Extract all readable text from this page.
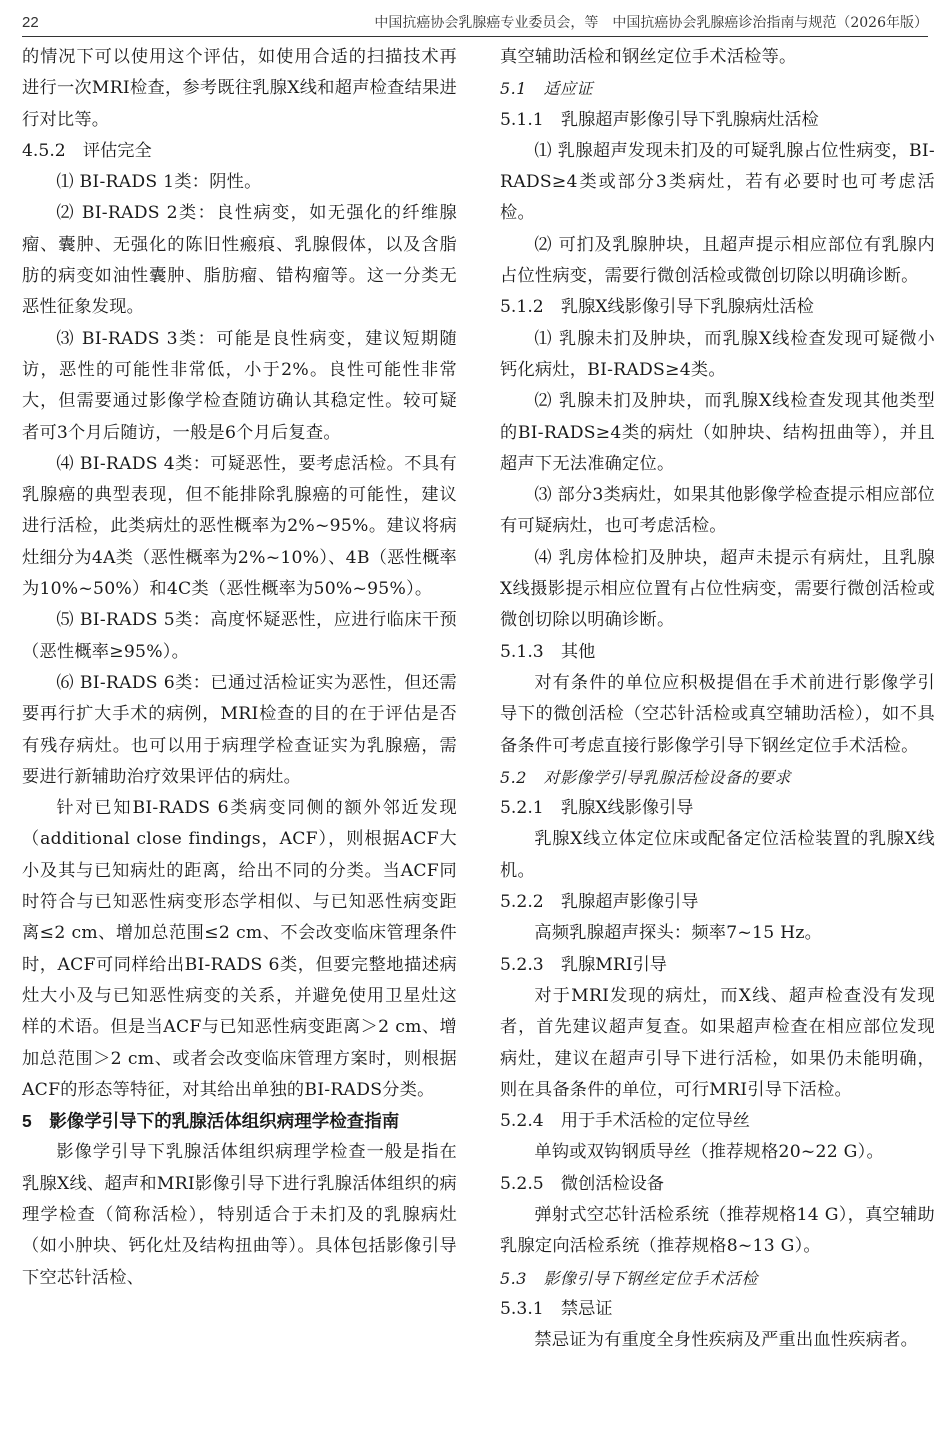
22	中国抗癌协会乳腺癌专业委员会，等　中国抗癌协会乳腺癌诊治指南与规范（2026年版）

的情况下可以使用这个评估，如使用合适的扫描技术再进行一次MRI检查，参考既往乳腺X线和超声检查结果进行对比等。

4.5.2　评估完全

⑴ BI-RADS 1类：阴性。

⑵ BI-RADS 2类：良性病变，如无强化的纤维腺瘤、囊肿、无强化的陈旧性瘢痕、乳腺假体，以及含脂肪的病变如油性囊肿、脂肪瘤、错构瘤等。这一分类无恶性征象发现。

⑶ BI-RADS 3类：可能是良性病变，建议短期随访，恶性的可能性非常低，小于2%。良性可能性非常大，但需要通过影像学检查随访确认其稳定性。较可疑者可3个月后随访，一般是6个月后复查。

⑷ BI-RADS 4类：可疑恶性，要考虑活检。不具有乳腺癌的典型表现，但不能排除乳腺癌的可能性，建议进行活检，此类病灶的恶性概率为2%~95%。建议将病灶细分为4A类（恶性概率为2%~10%）、4B（恶性概率为10%~50%）和4C类（恶性概率为50%~95%）。

⑸ BI-RADS 5类：高度怀疑恶性，应进行临床干预（恶性概率≥95%）。

⑹ BI-RADS 6类：已通过活检证实为恶性，但还需要再行扩大手术的病例，MRI检查的目的在于评估是否有残存病灶。也可以用于病理学检查证实为乳腺癌，需要进行新辅助治疗效果评估的病灶。

针对已知BI-RADS 6类病变同侧的额外邻近发现（additional close findings，ACF），则根据ACF大小及其与已知病灶的距离，给出不同的分类。当ACF同时符合与已知恶性病变形态学相似、与已知恶性病变距离≤2 cm、增加总范围≤2 cm、不会改变临床管理条件时，ACF可同样给出BI-RADS 6类，但要完整地描述病灶大小及与已知恶性病变的关系，并避免使用卫星灶这样的术语。但是当ACF与已知恶性病变距离＞2 cm、增加总范围＞2 cm、或者会改变临床管理方案时，则根据ACF的形态等特征，对其给出单独的BI-RADS分类。

5　影像学引导下的乳腺活体组织病理学检查指南

影像学引导下乳腺活体组织病理学检查一般是指在乳腺X线、超声和MRI影像引导下进行乳腺活体组织的病理学检查（简称活检），特别适合于未扪及的乳腺病灶（如小肿块、钙化灶及结构扭曲等）。具体包括影像引导下空芯针活检、

真空辅助活检和钢丝定位手术活检等。

5.1　适应证

5.1.1　乳腺超声影像引导下乳腺病灶活检

⑴ 乳腺超声发现未扪及的可疑乳腺占位性病变，BI-RADS≥4类或部分3类病灶，若有必要时也可考虑活检。

⑵ 可扪及乳腺肿块，且超声提示相应部位有乳腺内占位性病变，需要行微创活检或微创切除以明确诊断。

5.1.2　乳腺X线影像引导下乳腺病灶活检

⑴ 乳腺未扪及肿块，而乳腺X线检查发现可疑微小钙化病灶，BI-RADS≥4类。

⑵ 乳腺未扪及肿块，而乳腺X线检查发现其他类型的BI-RADS≥4类的病灶（如肿块、结构扭曲等），并且超声下无法准确定位。

⑶ 部分3类病灶，如果其他影像学检查提示相应部位有可疑病灶，也可考虑活检。

⑷ 乳房体检扪及肿块，超声未提示有病灶，且乳腺X线摄影提示相应位置有占位性病变，需要行微创活检或微创切除以明确诊断。

5.1.3　其他

对有条件的单位应积极提倡在手术前进行影像学引导下的微创活检（空芯针活检或真空辅助活检），如不具备条件可考虑直接行影像学引导下钢丝定位手术活检。

5.2　对影像学引导乳腺活检设备的要求

5.2.1　乳腺X线影像引导

乳腺X线立体定位床或配备定位活检装置的乳腺X线机。

5.2.2　乳腺超声影像引导

高频乳腺超声探头：频率7~15 Hz。

5.2.3　乳腺MRI引导

对于MRI发现的病灶，而X线、超声检查没有发现者，首先建议超声复查。如果超声检查在相应部位发现病灶，建议在超声引导下进行活检，如果仍未能明确，则在具备条件的单位，可行MRI引导下活检。

5.2.4　用于手术活检的定位导丝

单钩或双钩钢质导丝（推荐规格20~22 G）。

5.2.5　微创活检设备

弹射式空芯针活检系统（推荐规格14 G），真空辅助乳腺定向活检系统（推荐规格8~13 G）。

5.3　影像引导下钢丝定位手术活检

5.3.1　禁忌证

禁忌证为有重度全身性疾病及严重出血性疾病者。
